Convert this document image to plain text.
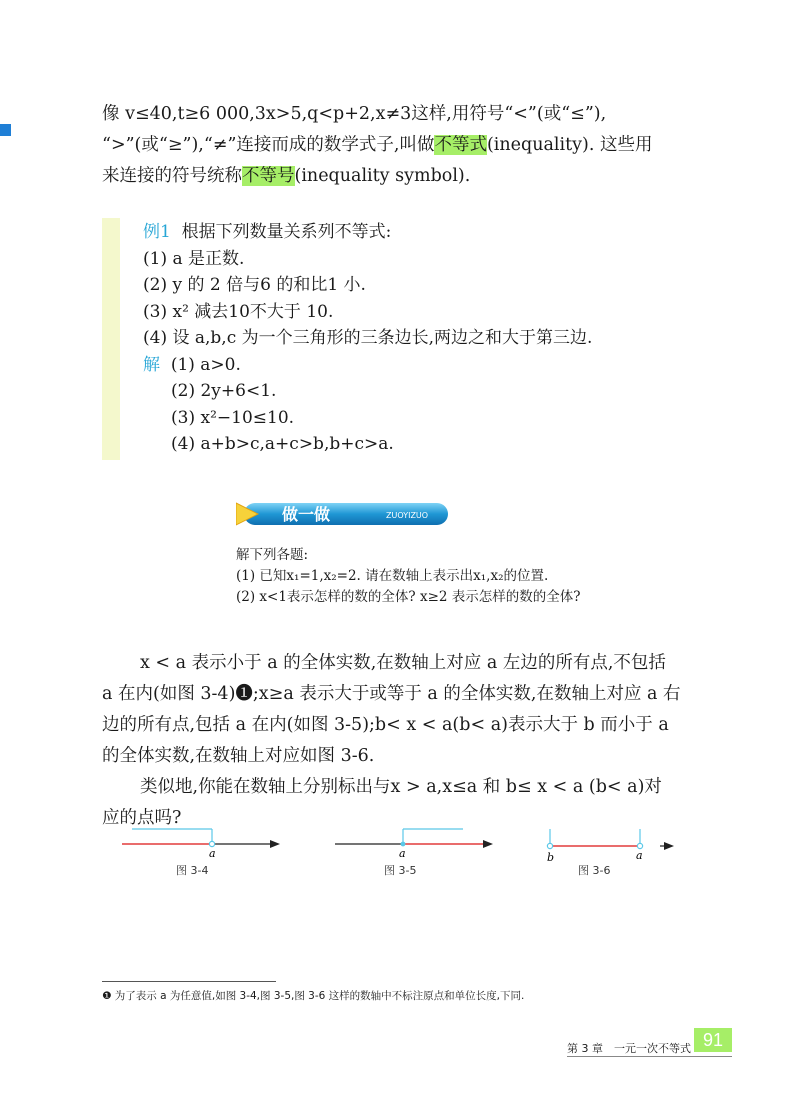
像 v≤40,t≥6 000,3x>5,q<p+2,x≠3这样,用符号“<”(或“≤”),

“>”(或“≥”),“≠”连接而成的数学式子,叫做不等式(inequality). 这些用

来连接的符号统称不等号(inequality symbol).

例1 根据下列数量关系列不等式:
(1) a 是正数.
(2) y 的 2 倍与6 的和比1 小.
(3) x² 减去10不大于 10.
(4) 设 a,b,c 为一个三角形的三条边长,两边之和大于第三边.
解 (1) a>0.
(2) 2y+6<1.
(3) x²−10≤10.
(4) a+b>c,a+c>b,b+c>a.
做一做	ZUOYIZUO
解下列各题:
(1) 已知x₁=1,x₂=2. 请在数轴上表示出x₁,x₂的位置.
(2) x<1表示怎样的数的全体? x≥2 表示怎样的数的全体?

x < a 表示小于 a 的全体实数,在数轴上对应 a 左边的所有点,不包括

a 在内(如图 3-4)❶;x≥a 表示大于或等于 a 的全体实数,在数轴上对应 a 右

边的所有点,包括 a 在内(如图 3-5);b< x < a(b< a)表示大于 b 而小于 a

的全体实数,在数轴上对应如图 3-6.

类似地,你能在数轴上分别标出与x > a,x≤a 和 b≤ x < a (b< a)对

应的点吗?

a
图 3-4
a
图 3-5
b	a
图 3-6
❶ 为了表示 a 为任意值,如图 3-4,图 3-5,图 3-6 这样的数轴中不标注原点和单位长度,下同.
第 3 章　一元一次不等式 91
